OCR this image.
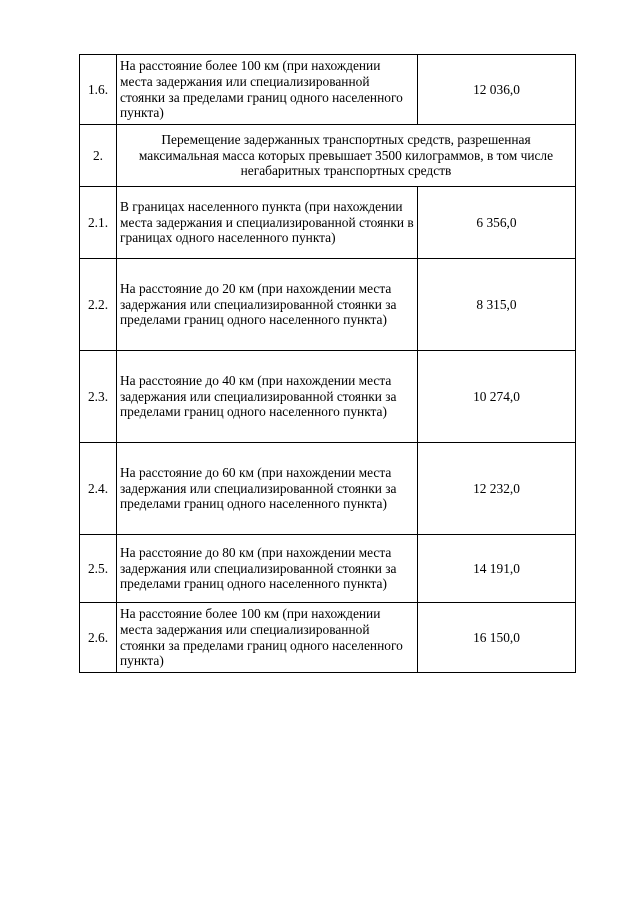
1.6.	На расстояние более 100 км (при нахождении места задержания или специализированной стоянки за пределами границ одного населенного пункта)	12 036,0
2.	Перемещение задержанных транспортных средств, разрешенная максимальная масса которых превышает 3500 килограммов, в том числе негабаритных транспортных средств	
2.1.	В границах населенного пункта (при нахождении места задержания и специализированной стоянки в границах одного населенного пункта)	6 356,0
2.2.	На расстояние до 20 км (при нахождении места задержания или специализированной стоянки за пределами границ одного населенного пункта)	8 315,0
2.3.	На расстояние до 40 км (при нахождении места задержания или специализированной стоянки за пределами границ одного населенного пункта)	10 274,0
2.4.	На расстояние до 60 км (при нахождении места задержания или специализированной стоянки за пределами границ одного населенного пункта)	12 232,0
2.5.	На расстояние до 80 км (при нахождении места задержания или специализированной стоянки за пределами границ одного населенного пункта)	14 191,0
2.6.	На расстояние более 100 км (при нахождении места задержания или специализированной стоянки за пределами границ одного населенного пункта)	16 150,0
